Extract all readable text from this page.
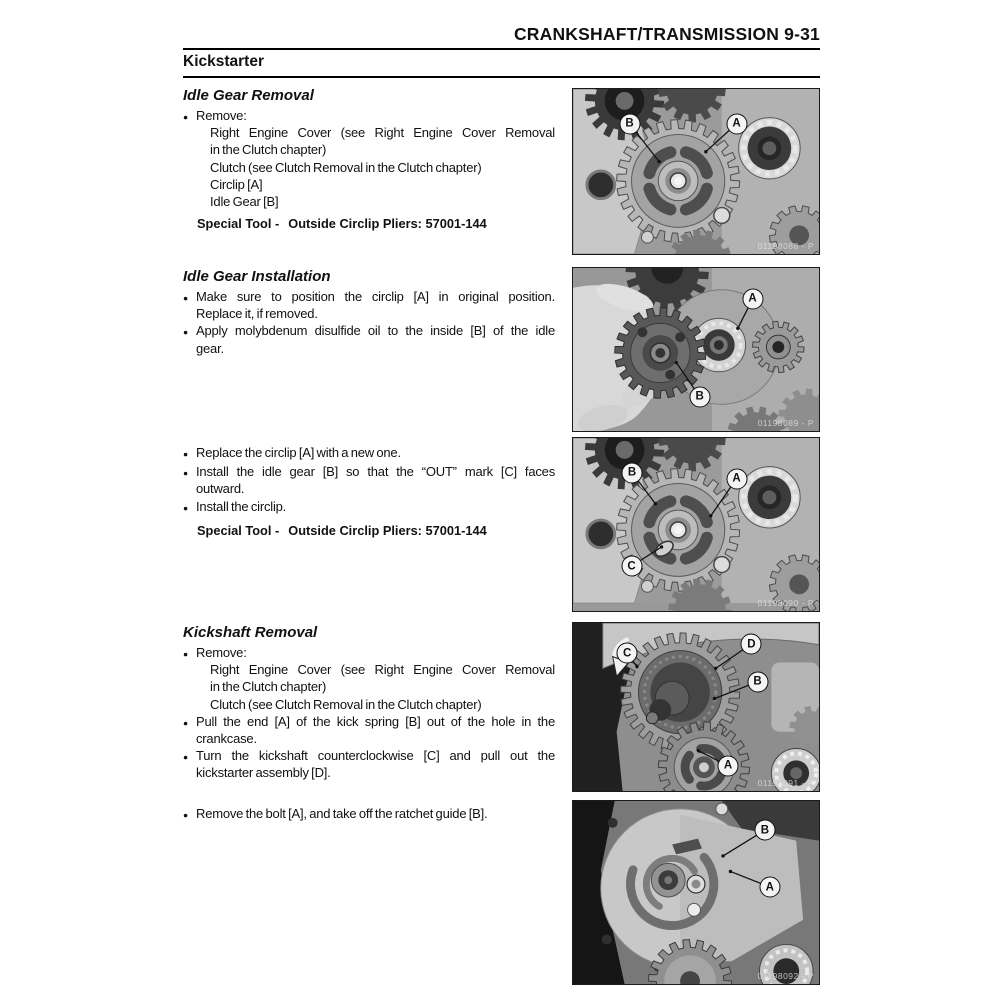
CRANKSHAFT/TRANSMISSION 9-31
Kickstarter
Idle Gear Removal
●
Remove:
Right Engine Cover (see Right Engine Cover Removal
in the Clutch chapter)
Clutch (see Clutch Removal in the Clutch chapter)
Circlip [A]
Idle Gear [B]
Special Tool - Outside Circlip Pliers: 57001-144
Idle Gear Installation
●
Make sure to position the circlip [A] in original position.
Replace it, if removed.
●
Apply molybdenum disulfide oil to the inside [B] of the idle
gear.
●
Replace the circlip [A] with a new one.
●
Install the idle gear [B] so that the “OUT” mark [C] faces
outward.
●
Install the circlip.
Special Tool - Outside Circlip Pliers: 57001-144
Kickshaft Removal
●
Remove:
Right Engine Cover (see Right Engine Cover Removal
in the Clutch chapter)
Clutch (see Clutch Removal in the Clutch chapter)
●
Pull the end [A] of the kick spring [B] out of the hole in the
crankcase.
●
Turn the kickshaft counterclockwise [C] and pull out the
kickstarter assembly [D].
●
Remove the bolt [A], and take off the ratchet guide [B].
01198088 - P
B	A
01198089 - P
A
B
01198090 - P
B
A
C
01198091 - P
C
D
B
A
01198092 - P
B
A
